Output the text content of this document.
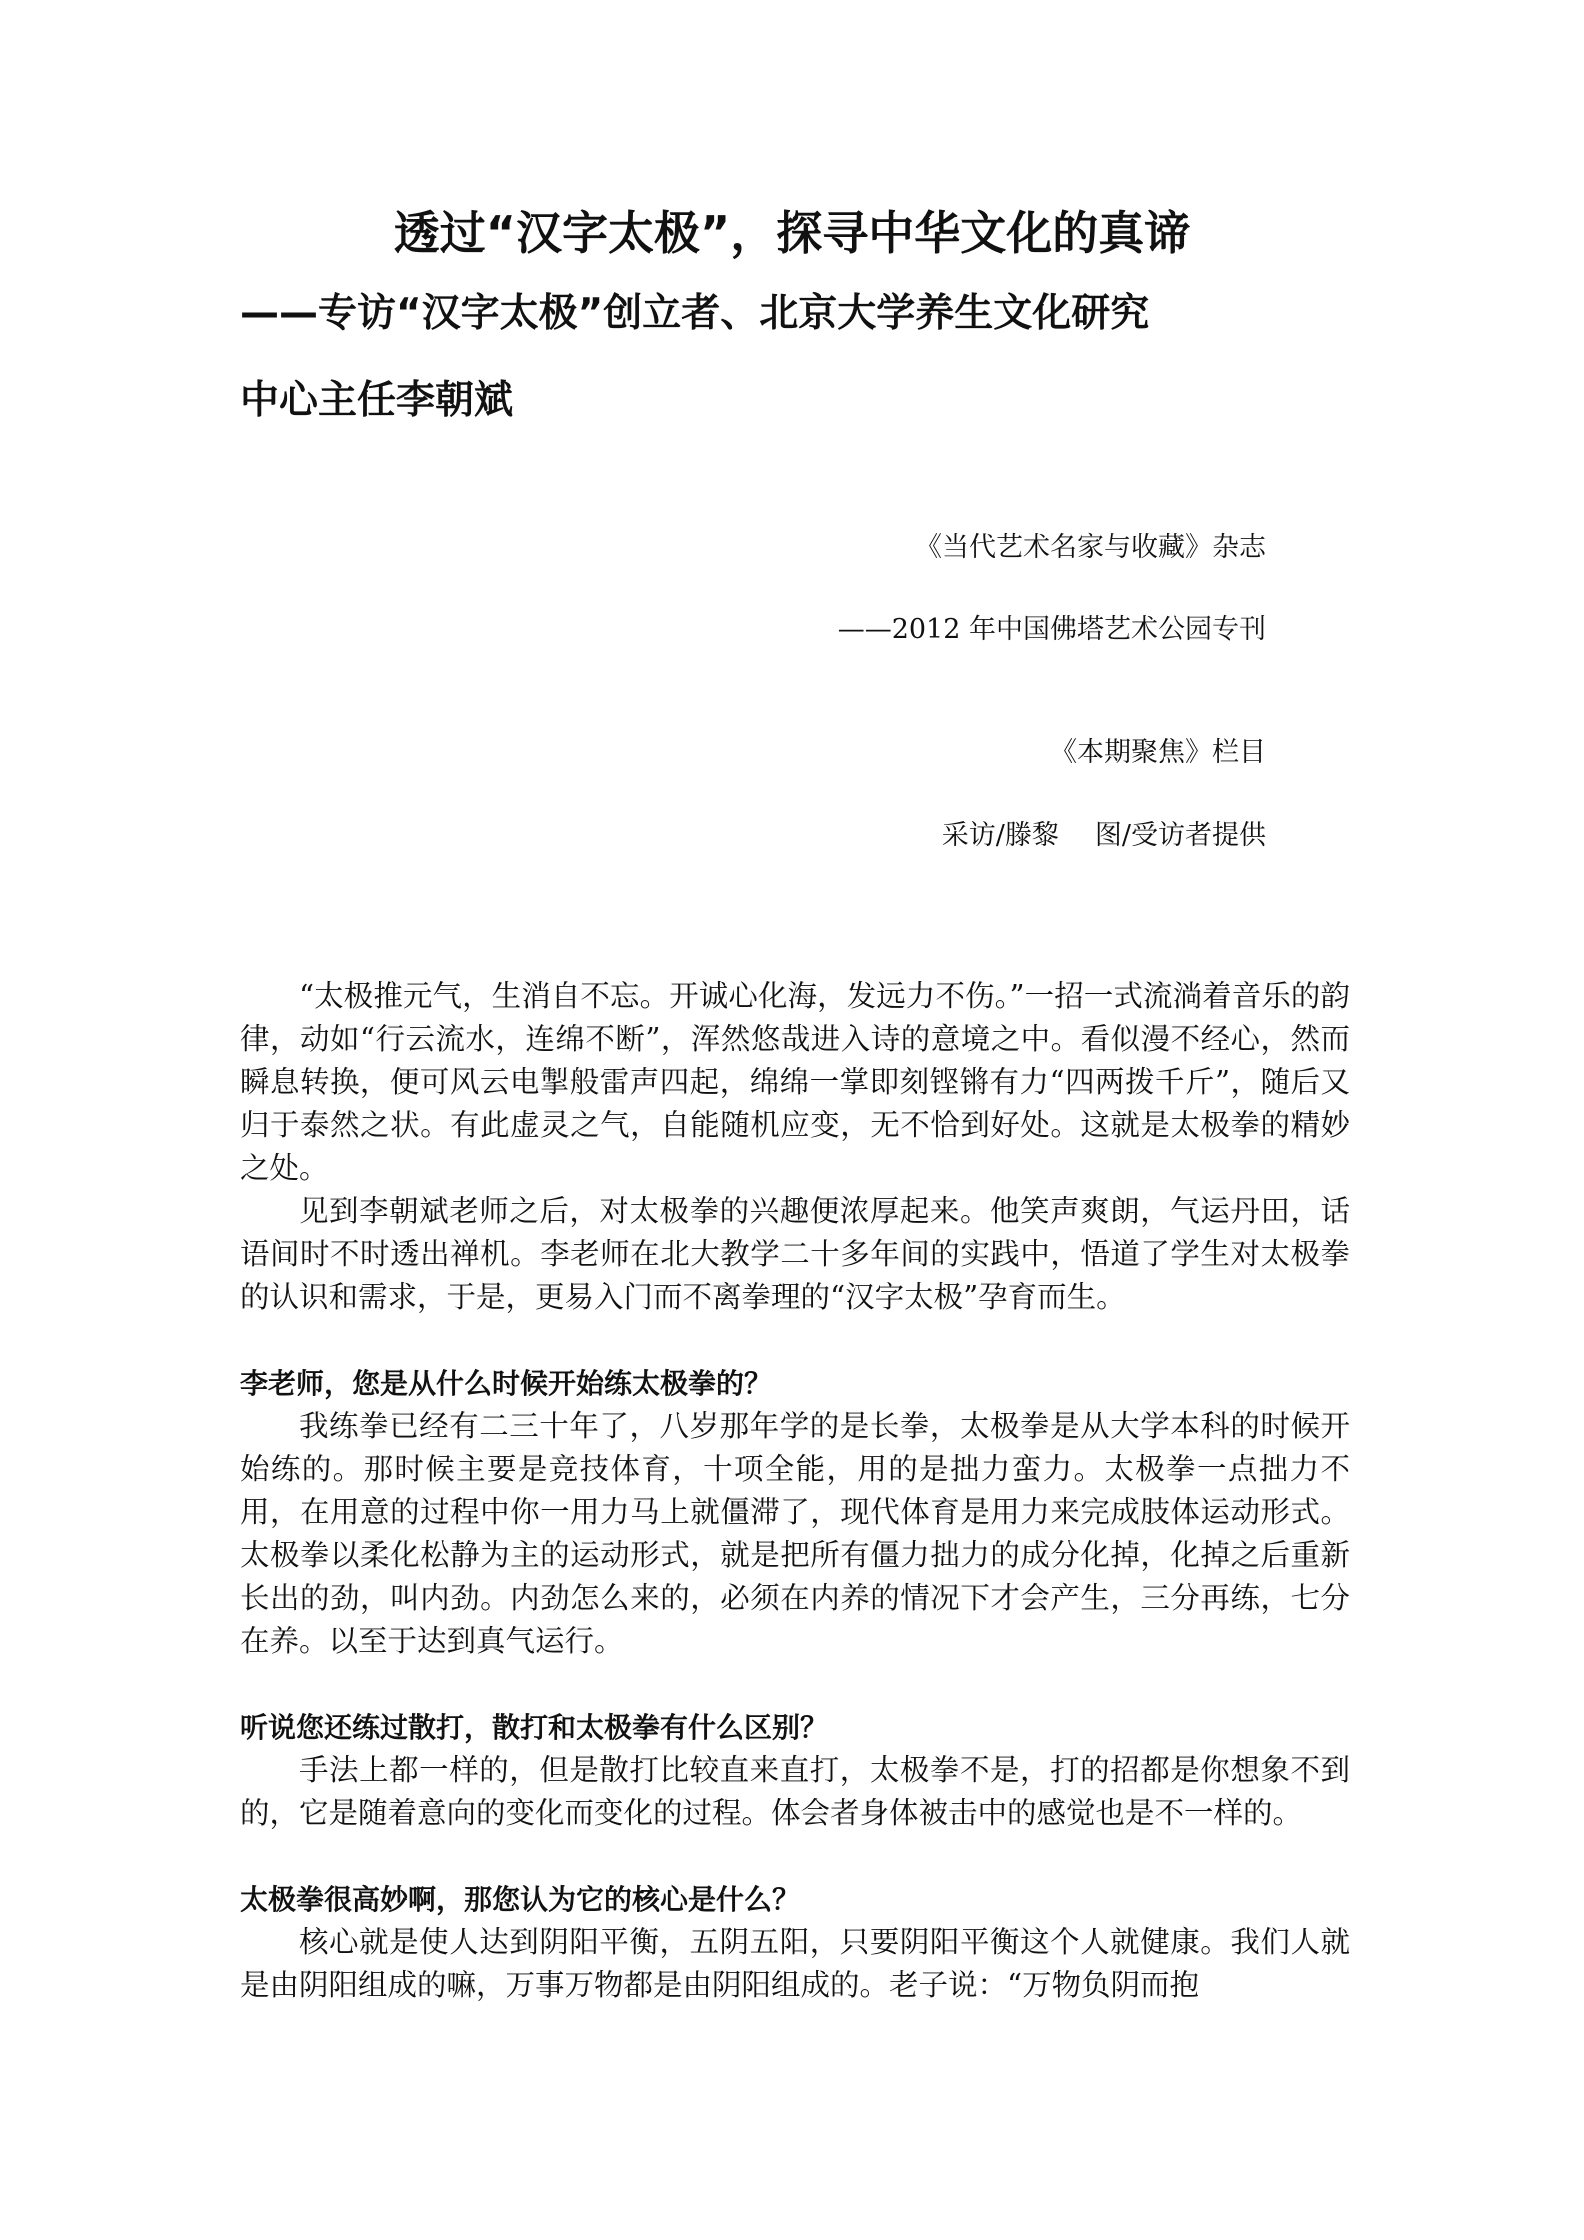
透过“汉字太极”，探寻中华文化的真谛
——专访“汉字太极”创立者、北京大学养生文化研究
中心主任李朝斌
《当代艺术名家与收藏》杂志
——2012 年中国佛塔艺术公园专刊
《本期聚焦》栏目
采访/滕黎 图/受访者提供

“太极推元气，生消自不忘。开诚心化海，发远力不伤。”一招一式流淌着音乐的韵律，动如“行云流水，连绵不断”，浑然悠哉进入诗的意境之中。看似漫不经心，然而瞬息转换，便可风云电掣般雷声四起，绵绵一掌即刻铿锵有力“四两拨千斤”，随后又归于泰然之状。有此虚灵之气，自能随机应变，无不恰到好处。这就是太极拳的精妙之处。

见到李朝斌老师之后，对太极拳的兴趣便浓厚起来。他笑声爽朗，气运丹田，话语间时不时透出禅机。李老师在北大教学二十多年间的实践中，悟道了学生对太极拳的认识和需求，于是，更易入门而不离拳理的“汉字太极”孕育而生。

李老师，您是从什么时候开始练太极拳的？

我练拳已经有二三十年了，八岁那年学的是长拳，太极拳是从大学本科的时候开始练的。那时候主要是竞技体育，十项全能，用的是拙力蛮力。太极拳一点拙力不用，在用意的过程中你一用力马上就僵滞了，现代体育是用力来完成肢体运动形式。太极拳以柔化松静为主的运动形式，就是把所有僵力拙力的成分化掉，化掉之后重新长出的劲，叫内劲。内劲怎么来的，必须在内养的情况下才会产生，三分再练，七分在养。以至于达到真气运行。

听说您还练过散打，散打和太极拳有什么区别？

手法上都一样的，但是散打比较直来直打，太极拳不是，打的招都是你想象不到的，它是随着意向的变化而变化的过程。体会者身体被击中的感觉也是不一样的。

太极拳很高妙啊，那您认为它的核心是什么？

核心就是使人达到阴阳平衡，五阴五阳，只要阴阳平衡这个人就健康。我们人就是由阴阳组成的嘛，万事万物都是由阴阳组成的。老子说：“万物负阴而抱
